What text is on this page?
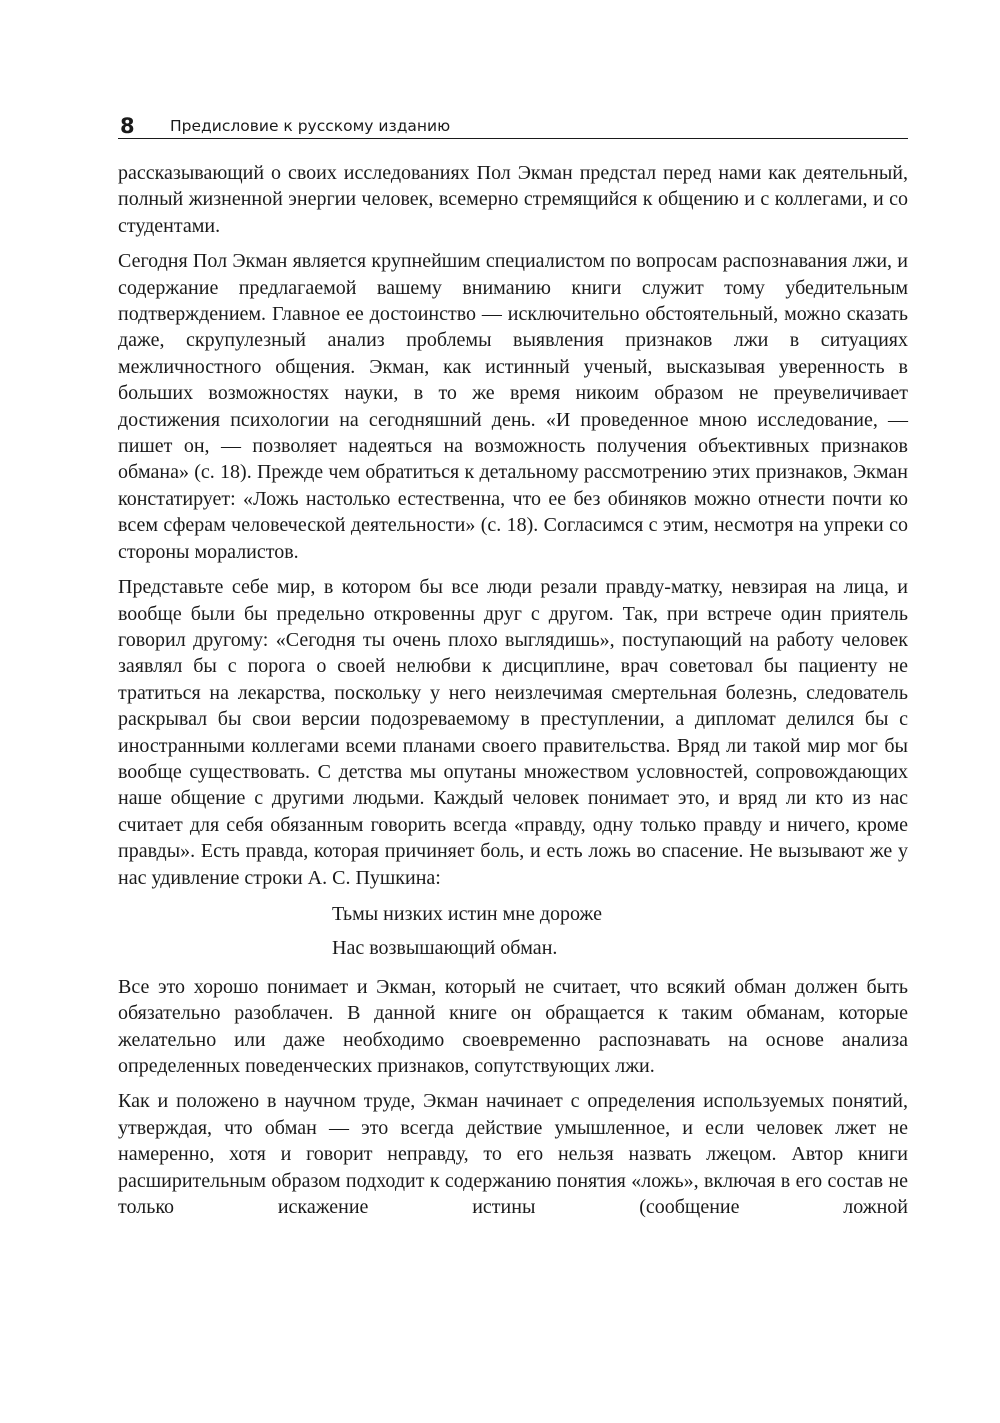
8 Предисловие к русскому изданию

рассказывающий о своих исследованиях Пол Экман предстал перед нами как деятельный, полный жизненной энергии человек, всемерно стремящийся к общению и с коллегами, и со студентами.

Сегодня Пол Экман является крупнейшим специалистом по вопросам распознавания лжи, и содержание предлагаемой вашему вниманию книги служит тому убедительным подтверждением. Главное ее достоинство — исключительно обстоятельный, можно сказать даже, скрупулезный анализ проблемы выявления признаков лжи в ситуациях межличностного общения. Экман, как истинный ученый, высказывая уверенность в больших возможностях науки, в то же время никоим образом не преувеличивает достижения психологии на сегодняшний день. «И проведенное мною исследование, — пишет он, — позволяет надеяться на возможность получения объективных признаков обмана» (с. 18). Прежде чем обратиться к детальному рассмотрению этих признаков, Экман констатирует: «Ложь настолько естественна, что ее без обиняков можно отнести почти ко всем сферам человеческой деятельности» (с. 18). Согласимся с этим, несмотря на упреки со стороны моралистов.

Представьте себе мир, в котором бы все люди резали правду-матку, невзирая на лица, и вообще были бы предельно откровенны друг с другом. Так, при встрече один приятель говорил другому: «Сегодня ты очень плохо выглядишь», поступающий на работу человек заявлял бы с порога о своей нелюбви к дисциплине, врач советовал бы пациенту не тратиться на лекарства, поскольку у него неизлечимая смертельная болезнь, следователь раскрывал бы свои версии подозреваемому в преступлении, а дипломат делился бы с иностранными коллегами всеми планами своего правительства. Вряд ли такой мир мог бы вообще существовать. С детства мы опутаны множеством условностей, сопровождающих наше общение с другими людьми. Каждый человек понимает это, и вряд ли кто из нас считает для себя обязанным говорить всегда «правду, одну только правду и ничего, кроме правды». Есть правда, которая причиняет боль, и есть ложь во спасение. Не вызывают же у нас удивление строки А. С. Пушкина:

Тьмы низких истин мне дороже
Нас возвышающий обман.

Все это хорошо понимает и Экман, который не считает, что всякий обман должен быть обязательно разоблачен. В данной книге он обращается к таким обманам, которые желательно или даже необходимо своевременно распознавать на основе анализа определенных поведенческих признаков, сопутствующих лжи.

Как и положено в научном труде, Экман начинает с определения используемых понятий, утверждая, что обман — это всегда действие умышленное, и если человек лжет не намеренно, хотя и говорит неправду, то его нельзя назвать лжецом. Автор книги расширительным образом подходит к содержанию понятия «ложь», включая в его состав не только искажение истины (сообщение ложной
